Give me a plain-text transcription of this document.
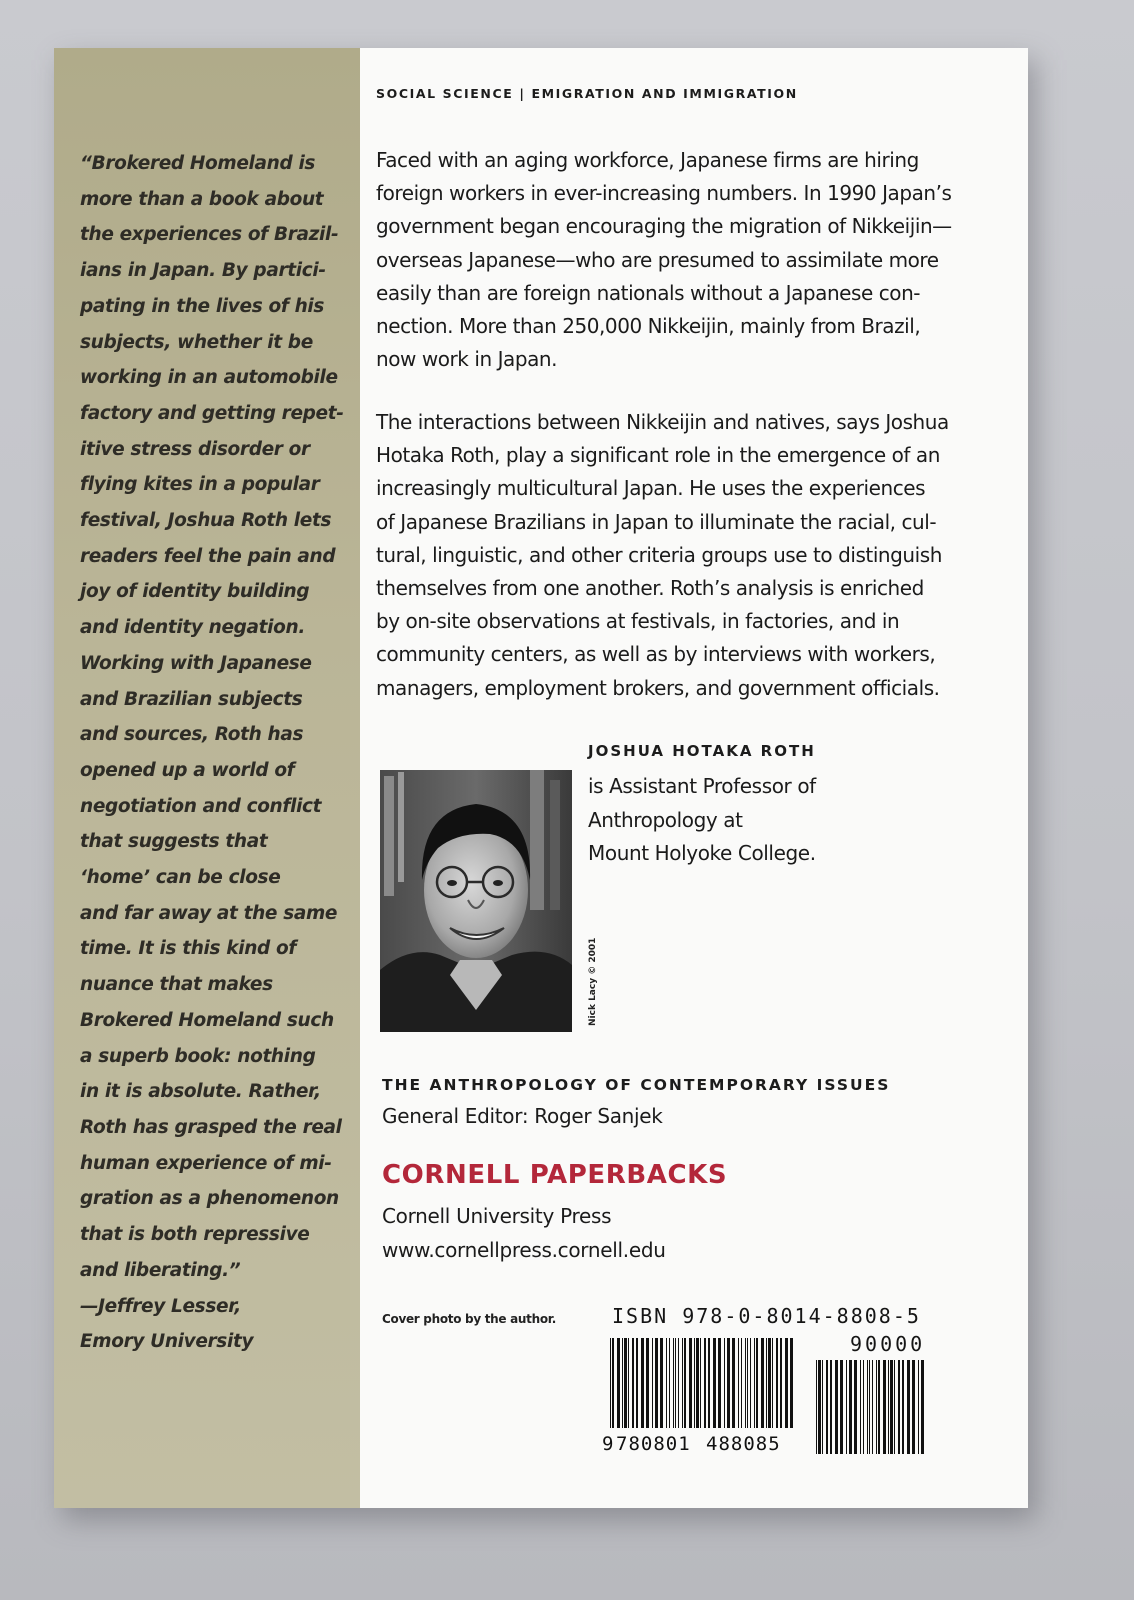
“Brokered Homeland is
more than a book about
the experiences of Brazil-
ians in Japan. By partici-
pating in the lives of his
subjects, whether it be
working in an automobile
factory and getting repet-
itive stress disorder or
flying kites in a popular
festival, Joshua Roth lets
readers feel the pain and
joy of identity building
and identity negation.
Working with Japanese
and Brazilian subjects
and sources, Roth has
opened up a world of
negotiation and conflict
that suggests that
‘home’ can be close
and far away at the same
time. It is this kind of
nuance that makes
Brokered Homeland such
a superb book: nothing
in it is absolute. Rather,
Roth has grasped the real
human experience of mi-
gration as a phenomenon
that is both repressive
and liberating.”
—Jeffrey Lesser,
Emory University
SOCIAL SCIENCE | EMIGRATION AND IMMIGRATION
Faced with an aging workforce, Japanese firms are hiring
foreign workers in ever-increasing numbers. In 1990 Japan’s
government began encouraging the migration of Nikkeijin—
overseas Japanese—who are presumed to assimilate more
easily than are foreign nationals without a Japanese con-
nection. More than 250,000 Nikkeijin, mainly from Brazil,
now work in Japan.
The interactions between Nikkeijin and natives, says Joshua
Hotaka Roth, play a significant role in the emergence of an
increasingly multicultural Japan. He uses the experiences
of Japanese Brazilians in Japan to illuminate the racial, cul-
tural, linguistic, and other criteria groups use to distinguish
themselves from one another. Roth’s analysis is enriched
by on-site observations at festivals, in factories, and in
community centers, as well as by interviews with workers,
managers, employment brokers, and government officials.
Nick Lacy © 2001
JOSHUA HOTAKA ROTH
is Assistant Professor of
Anthropology at
Mount Holyoke College.
THE ANTHROPOLOGY OF CONTEMPORARY ISSUES
General Editor: Roger Sanjek
CORNELL PAPERBACKS
Cornell University Press
www.cornellpress.cornell.edu
Cover photo by the author.	ISBN 978-0-8014-8808-5
90000
9 780801 488085
